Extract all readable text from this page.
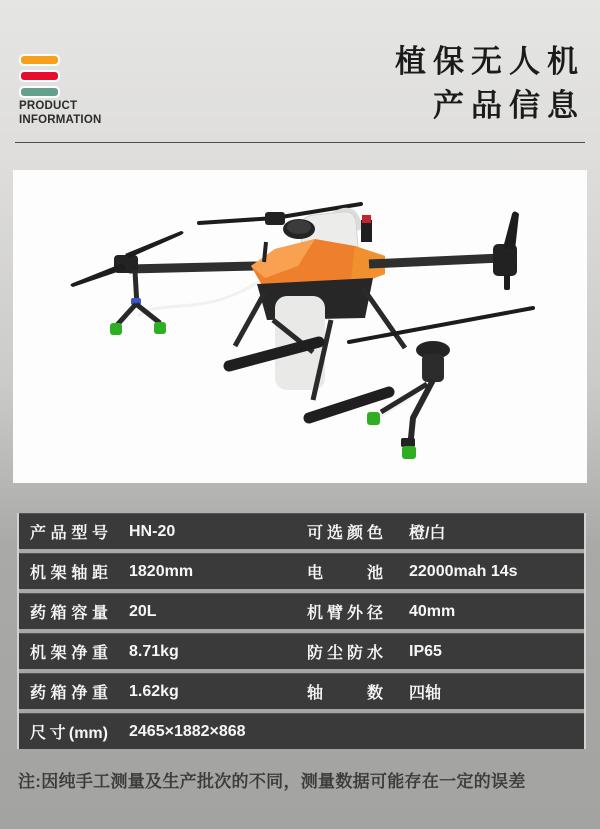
PRODUCT
INFORMATION
植保无人机
产品信息
产品型号	HN-20	可选颜色	橙/白
机架轴距	1820mm	电池	22000mah 14s
药箱容量	20L	机臂外径	40mm
机架净重	8.71kg	防尘防水	IP65
药箱净重	1.62kg	轴数	四轴
尺寸(mm)	2465×1882×868
注:因纯手工测量及生产批次的不同，测量数据可能存在一定的误差
